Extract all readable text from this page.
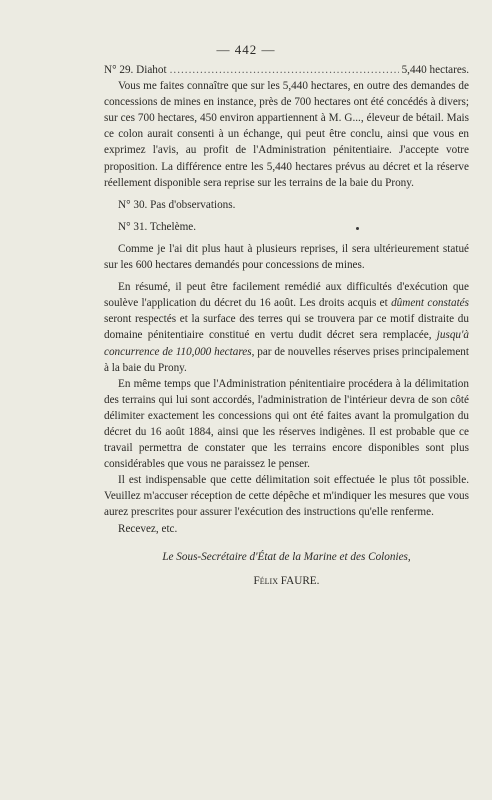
— 442 —
N° 29. Diahot
.....	5,440 hectares.

Vous me faites connaître que sur les 5,440 hectares, en outre des demandes de concessions de mines en instance, près de 700 hectares ont été concédés à divers; sur ces 700 hectares, 450 environ appartiennent à M. G..., éleveur de bétail. Mais ce colon aurait consenti à un échange, qui peut être conclu, ainsi que vous en exprimez l'avis, au profit de l'Administration pénitentiaire. J'accepte votre proposition. La différence entre les 5,440 hectares prévus au décret et la réserve réellement disponible sera reprise sur les terrains de la baie du Prony.

N° 30. Pas d'observations.

N° 31. Tchelème.

Comme je l'ai dit plus haut à plusieurs reprises, il sera ultérieurement statué sur les 600 hectares demandés pour concessions de mines.

En résumé, il peut être facilement remédié aux difficultés d'exécution que soulève l'application du décret du 16 août. Les droits acquis et dûment constatés seront respectés et la surface des terres qui se trouvera par ce motif distraite du domaine pénitentiaire constitué en vertu dudit décret sera remplacée, jusqu'à concurrence de 110,000 hectares, par de nouvelles réserves prises principalement à la baie du Prony.

En même temps que l'Administration pénitentiaire procédera à la délimitation des terrains qui lui sont accordés, l'administration de l'intérieur devra de son côté délimiter exactement les concessions qui ont été faites avant la promulgation du décret du 16 août 1884, ainsi que les réserves indigènes. Il est probable que ce travail permettra de constater que les terrains encore disponibles sont plus considérables que vous ne paraissez le penser.

Il est indispensable que cette délimitation soit effectuée le plus tôt possible. Veuillez m'accuser réception de cette dépêche et m'indiquer les mesures que vous aurez prescrites pour assurer l'exécution des instructions qu'elle renferme.

Recevez, etc.

Le Sous-Secrétaire d'État de la Marine et des Colonies,

Félix FAURE.
